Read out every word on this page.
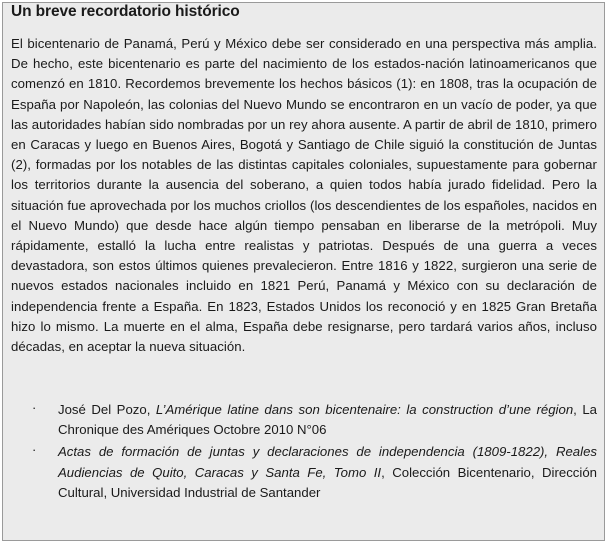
Un breve recordatorio histórico

El bicentenario de Panamá, Perú y México debe ser considerado en una perspectiva más amplia. De hecho, este bicentenario es parte del nacimiento de los estados-nación latinoamericanos que comenzó en 1810. Recordemos brevemente los hechos básicos (1): en 1808, tras la ocupación de España por Napoleón, las colonias del Nuevo Mundo se encontraron en un vacío de poder, ya que las autoridades habían sido nombradas por un rey ahora ausente. A partir de abril de 1810, primero en Caracas y luego en Buenos Aires, Bogotá y Santiago de Chile siguió la constitución de Juntas (2), formadas por los notables de las distintas capitales coloniales, supuestamente para gobernar los territorios durante la ausencia del soberano, a quien todos había jurado fidelidad. Pero la situación fue aprovechada por los muchos criollos (los descendientes de los españoles, nacidos en el Nuevo Mundo) que desde hace algún tiempo pensaban en liberarse de la metrópoli. Muy rápidamente, estalló la lucha entre realistas y patriotas. Después de una guerra a veces devastadora, son estos últimos quienes prevalecieron. Entre 1816 y 1822, surgieron una serie de nuevos estados nacionales incluido en 1821 Perú, Panamá y México con su declaración de independencia frente a España. En 1823, Estados Unidos los reconoció y en 1825 Gran Bretaña hizo lo mismo. La muerte en el alma, España debe resignarse, pero tardará varios años, incluso décadas, en aceptar la nueva situación.

· José Del Pozo, L’Amérique latine dans son bicentenaire: la construction d’une région, La Chronique des Amériques Octobre 2010 N°06
· Actas de formación de juntas y declaraciones de independencia (1809-1822), Reales Audiencias de Quito, Caracas y Santa Fe, Tomo II, Colección Bicentenario, Dirección Cultural, Universidad Industrial de Santander
